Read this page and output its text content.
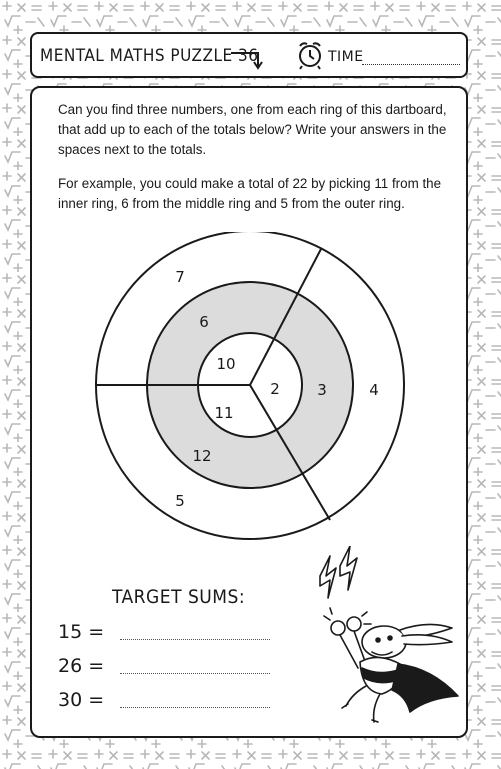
MENTAL MATHS PUZZLE 36	TIME

Can you find three numbers, one from each ring of this dartboard, that add up to each of the totals below? Write your answers in the spaces next to the totals.

For example, you could make a total of 22 by picking 11 from the inner ring, 6 from the middle ring and 5 from the outer ring.

7
4
5
6
3
12
10
2
11
TARGET SUMS:
15 =
26 =
30 =
